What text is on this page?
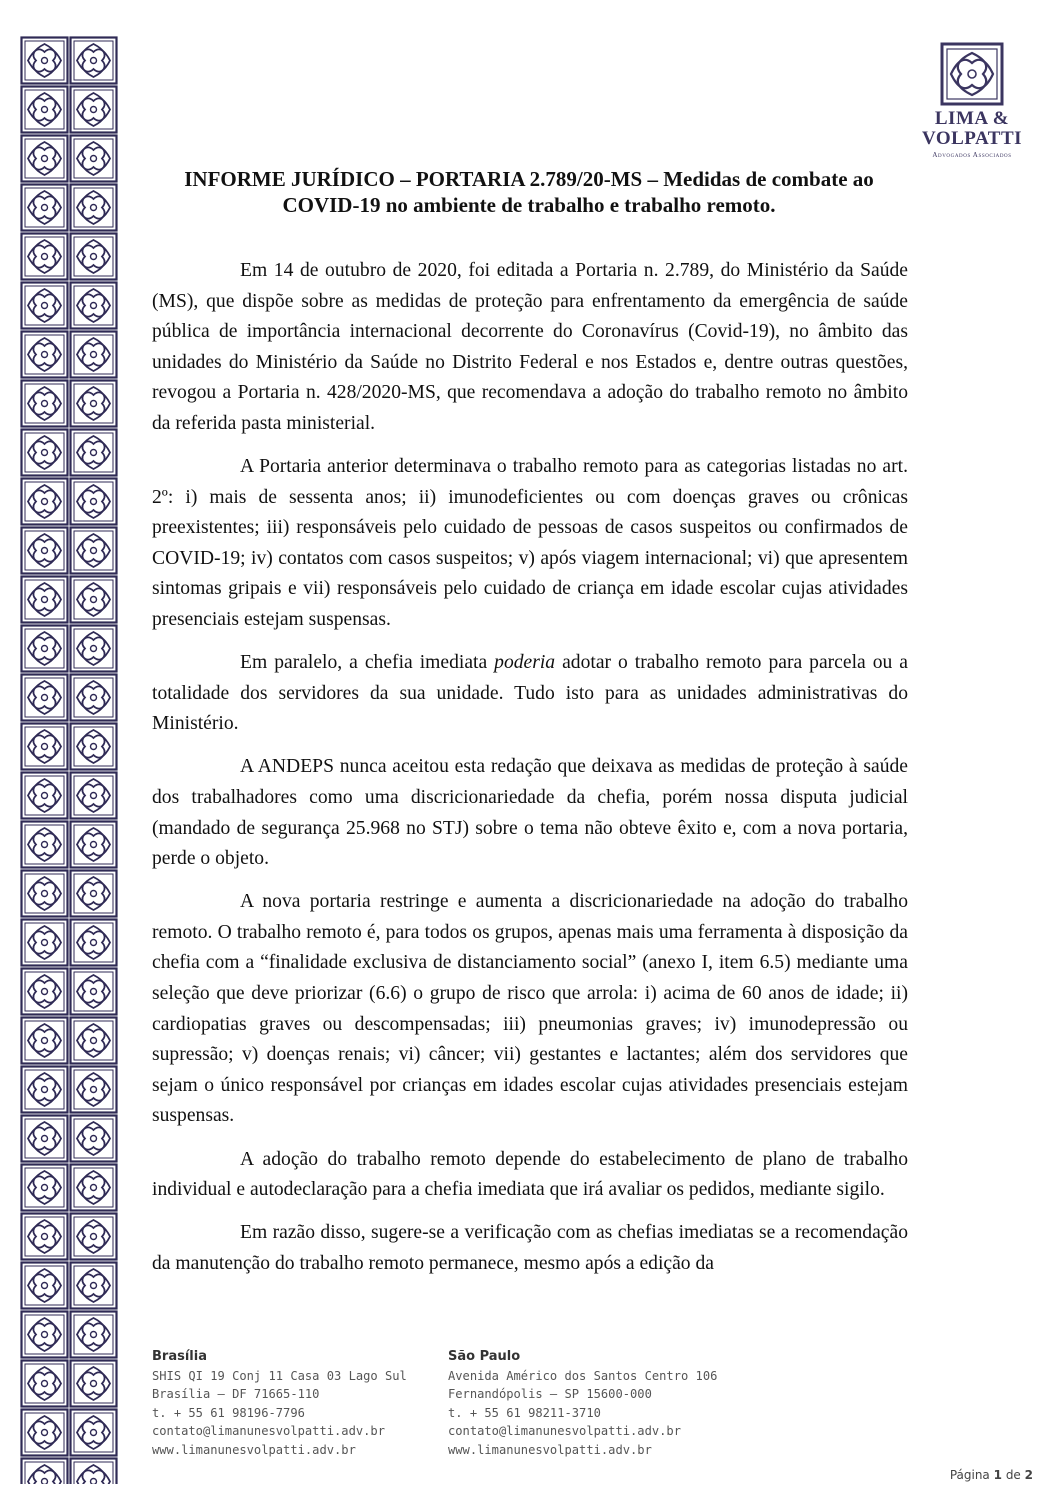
LIMA &
VOLPATTI
Advogados Associados
INFORME JURÍDICO – PORTARIA 2.789/20-MS – Medidas de combate ao
COVID-19 no ambiente de trabalho e trabalho remoto.

Em 14 de outubro de 2020, foi editada a Portaria n. 2.789, do Ministério da Saúde (MS), que dispõe sobre as medidas de proteção para enfrentamento da emergência de saúde pública de importância internacional decorrente do Coronavírus (Covid-19), no âmbito das unidades do Ministério da Saúde no Distrito Federal e nos Estados e, dentre outras questões, revogou a Portaria n. 428/2020-MS, que recomendava a adoção do trabalho remoto no âmbito da referida pasta ministerial.

A Portaria anterior determinava o trabalho remoto para as categorias listadas no art. 2º: i) mais de sessenta anos; ii) imunodeficientes ou com doenças graves ou crônicas preexistentes; iii) responsáveis pelo cuidado de pessoas de casos suspeitos ou confirmados de COVID-19; iv) contatos com casos suspeitos; v) após viagem internacional; vi) que apresentem sintomas gripais e vii) responsáveis pelo cuidado de criança em idade escolar cujas atividades presenciais estejam suspensas.

Em paralelo, a chefia imediata poderia adotar o trabalho remoto para parcela ou a totalidade dos servidores da sua unidade. Tudo isto para as unidades administrativas do Ministério.

A ANDEPS nunca aceitou esta redação que deixava as medidas de proteção à saúde dos trabalhadores como uma discricionariedade da chefia, porém nossa disputa judicial (mandado de segurança 25.968 no STJ) sobre o tema não obteve êxito e, com a nova portaria, perde o objeto.

A nova portaria restringe e aumenta a discricionariedade na adoção do trabalho remoto. O trabalho remoto é, para todos os grupos, apenas mais uma ferramenta à disposição da chefia com a “finalidade exclusiva de distanciamento social” (anexo I, item 6.5) mediante uma seleção que deve priorizar (6.6) o grupo de risco que arrola: i) acima de 60 anos de idade; ii) cardiopatias graves ou descompensadas; iii) pneumonias graves; iv) imunodepressão ou supressão; v) doenças renais; vi) câncer; vii) gestantes e lactantes; além dos servidores que sejam o único responsável por crianças em idades escolar cujas atividades presenciais estejam suspensas.

A adoção do trabalho remoto depende do estabelecimento de plano de trabalho individual e autodeclaração para a chefia imediata que irá avaliar os pedidos, mediante sigilo.

Em razão disso, sugere-se a verificação com as chefias imediatas se a recomendação da manutenção do trabalho remoto permanece, mesmo após a edição da

Brasília
SHIS QI 19 Conj 11 Casa 03 Lago Sul
Brasília – DF 71665-110
t. + 55 61 98196-7796
contato@limanunesvolpatti.adv.br
www.limanunesvolpatti.adv.br
São Paulo
Avenida Américo dos Santos Centro 106
Fernandópolis – SP 15600-000
t. + 55 61 98211-3710
contato@limanunesvolpatti.adv.br
www.limanunesvolpatti.adv.br
Página 1 de 2
